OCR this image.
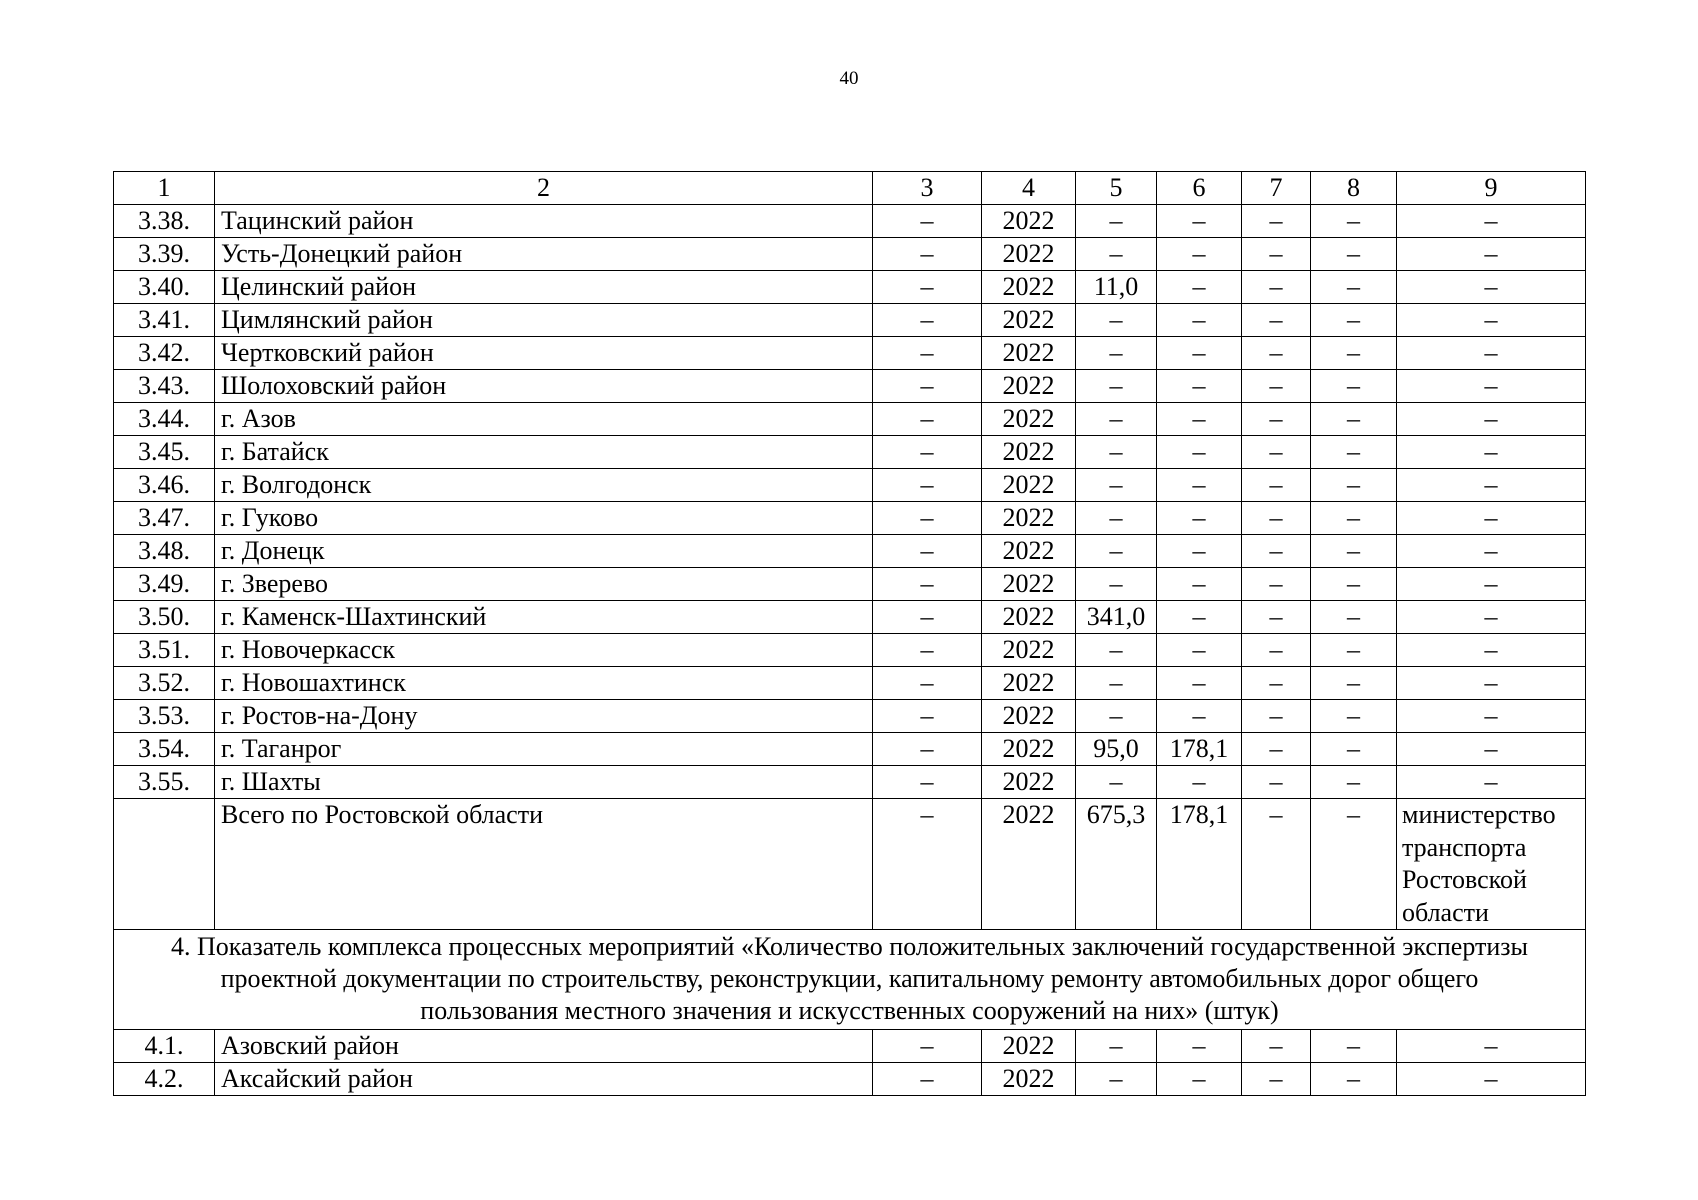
40
1	2	3	4	5	6	7	8	9
3.38.	Тацинский район	–	2022	–	–	–	–	–
3.39.	Усть-Донецкий район	–	2022	–	–	–	–	–
3.40.	Целинский район	–	2022	11,0	–	–	–	–
3.41.	Цимлянский район	–	2022	–	–	–	–	–
3.42.	Чертковский район	–	2022	–	–	–	–	–
3.43.	Шолоховский район	–	2022	–	–	–	–	–
3.44.	г. Азов	–	2022	–	–	–	–	–
3.45.	г. Батайск	–	2022	–	–	–	–	–
3.46.	г. Волгодонск	–	2022	–	–	–	–	–
3.47.	г. Гуково	–	2022	–	–	–	–	–
3.48.	г. Донецк	–	2022	–	–	–	–	–
3.49.	г. Зверево	–	2022	–	–	–	–	–
3.50.	г. Каменск-Шахтинский	–	2022	341,0	–	–	–	–
3.51.	г. Новочеркасск	–	2022	–	–	–	–	–
3.52.	г. Новошахтинск	–	2022	–	–	–	–	–
3.53.	г. Ростов-на-Дону	–	2022	–	–	–	–	–
3.54.	г. Таганрог	–	2022	95,0	178,1	–	–	–
3.55.	г. Шахты	–	2022	–	–	–	–	–
	Всего по Ростовской области	–	2022	675,3	178,1	–	–	министерство транспорта Ростовской области
4. Показатель комплекса процессных мероприятий «Количество положительных заключений государственной экспертизы проектной документации по строительству, реконструкции, капитальному ремонту автомобильных дорог общего пользования местного значения и искусственных сооружений на них» (штук)								
4.1.	Азовский район	–	2022	–	–	–	–	–
4.2.	Аксайский район	–	2022	–	–	–	–	–
